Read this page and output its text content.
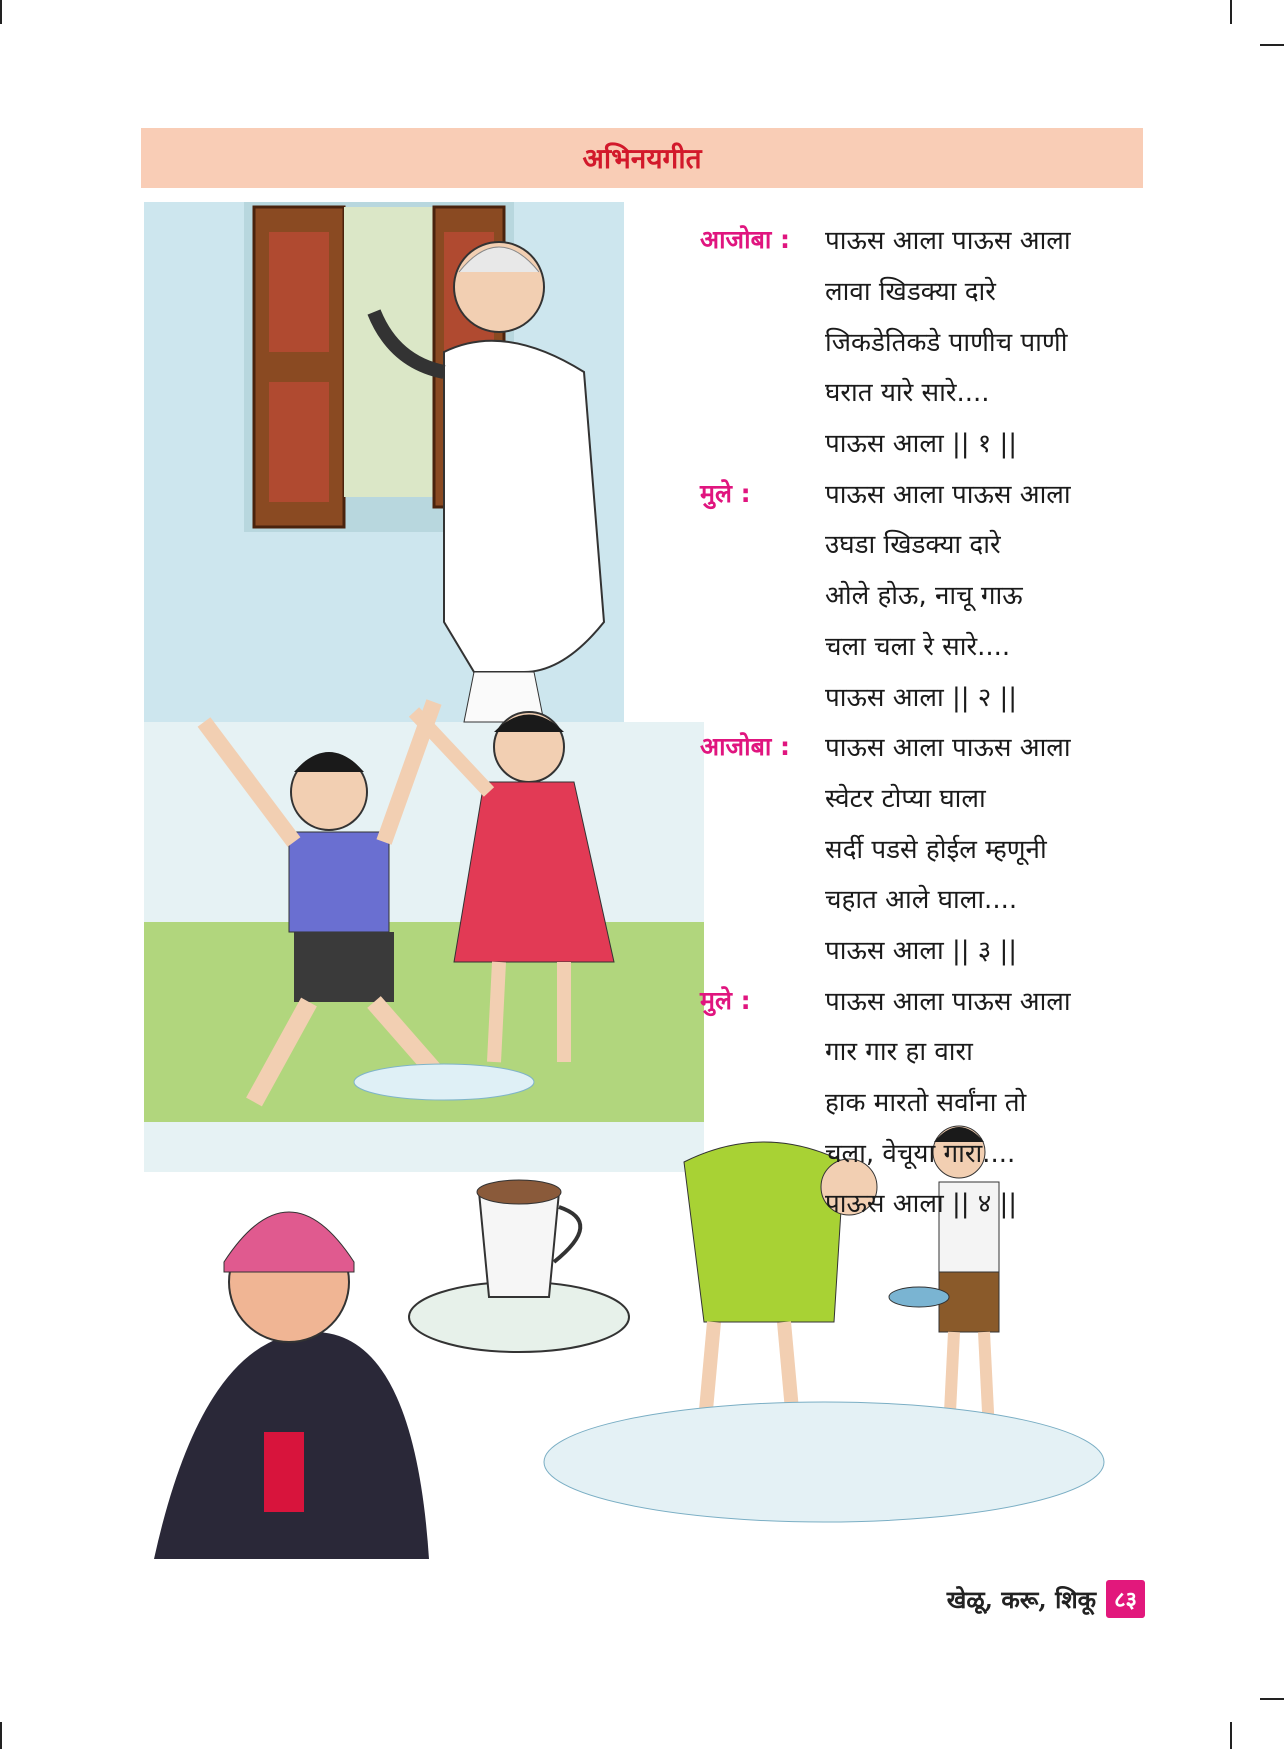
अभिनयगीत
आजोबा :	पाऊस आला पाऊस आला
लावा खिडक्या दारे
जिकडेतिकडे पाणीच पाणी
घरात यारे सारे....
पाऊस आला || १ ||
मुले :	पाऊस आला पाऊस आला
उघडा खिडक्या दारे
ओले होऊ, नाचू गाऊ
चला चला रे सारे....
पाऊस आला || २ ||
आजोबा :	पाऊस आला पाऊस आला
स्वेटर टोप्या घाला
सर्दी पडसे होईल म्हणूनी
चहात आले घाला....
पाऊस आला || ३ ||
मुले :	पाऊस आला पाऊस आला
गार गार हा वारा
हाक मारतो सर्वांना तो
चला, वेचूया गारा....
पाऊस आला || ४ ||
खेळू, करू, शिकू ८३
